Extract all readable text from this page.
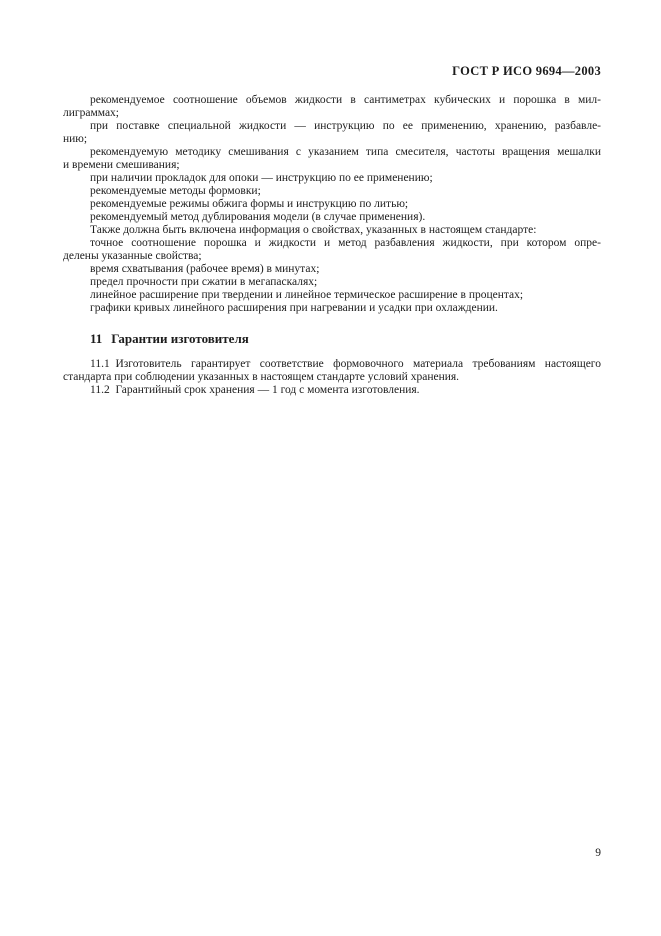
ГОСТ Р ИСО 9694—2003
рекомендуемое соотношение объемов жидкости в сантиметрах кубических и порошка в мил-
лиграммах;
при поставке специальной жидкости — инструкцию по ее применению, хранению, разбавле-
нию;
рекомендуемую методику смешивания с указанием типа смесителя, частоты вращения мешалки
и времени смешивания;
при наличии прокладок для опоки — инструкцию по ее применению;
рекомендуемые методы формовки;
рекомендуемые режимы обжига формы и инструкцию по литью;
рекомендуемый метод дублирования модели (в случае применения).
Также должна быть включена информация о свойствах, указанных в настоящем стандарте:
точное соотношение порошка и жидкости и метод разбавления жидкости, при котором опре-
делены указанные свойства;
время схватывания (рабочее время) в минутах;
предел прочности при сжатии в мегапаскалях;
линейное расширение при твердении и линейное термическое расширение в процентах;
графики кривых линейного расширения при нагревании и усадки при охлаждении.
11 Гарантии изготовителя
11.1 Изготовитель гарантирует соответствие формовочного материала требованиям настоящего
стандарта при соблюдении указанных в настоящем стандарте условий хранения.
11.2 Гарантийный срок хранения — 1 год с момента изготовления.
9
